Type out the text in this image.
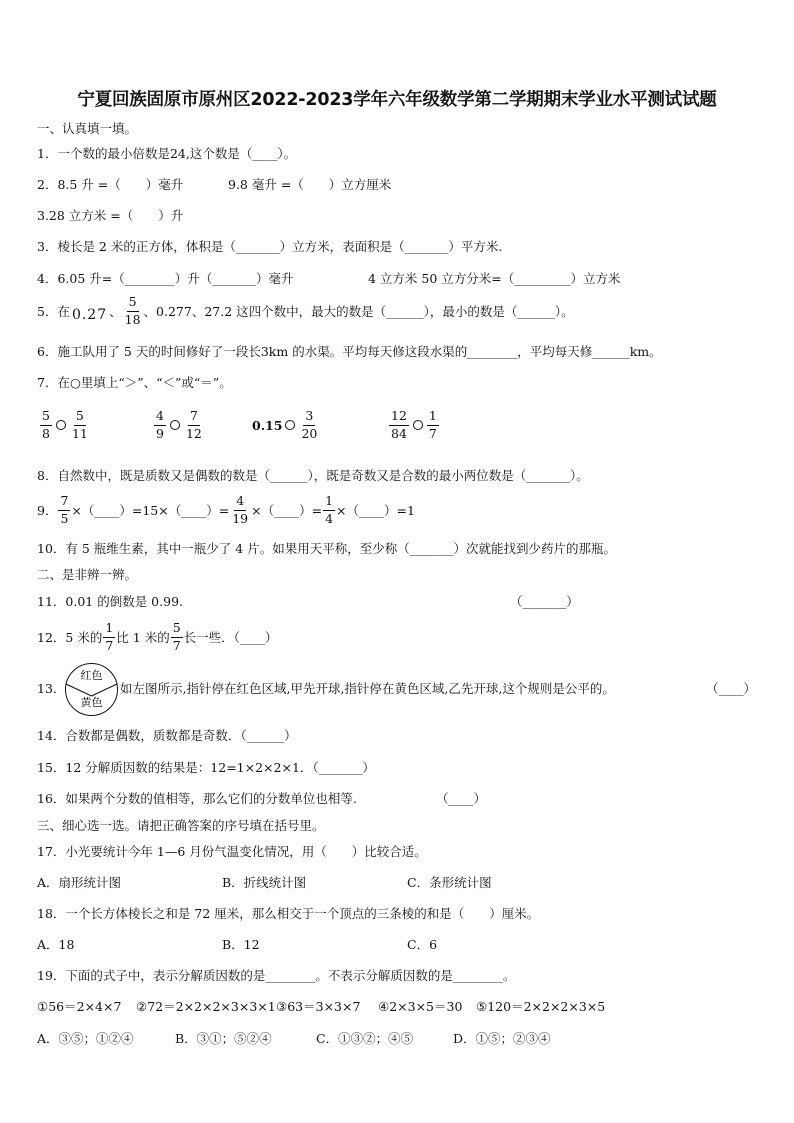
宁夏回族固原市原州区2022-2023学年六年级数学第二学期期末学业水平测试试题
一、认真填一填。
1．一个数的最小倍数是24,这个数是（____）。
2．8.5 升 =（　　）毫升	9.8 毫升 =（　　）立方厘米
3.28 立方米 =（　　）升
3．棱长是 2 米的正方体，体积是（_______）立方米，表面积是（_______）平方米.
4．6.05 升=（________）升（_______）毫升	4 立方米 50 立方分米=（_________）立方米
5．在 0.27 、 $\frac{5}{18}$ 、0.277、27.2 这四个数中，最大的数是（______），最小的数是（______）。
6．施工队用了 5 天的时间修好了一段长3km 的水渠。平均每天修这段水渠的________，平均每天修______km。
7．在○里填上“＞”、“＜”或“＝”。
$\frac{5}{8} \frac{5}{11}$	$\frac{4}{9} \frac{7}{12}$	$0.15 \frac{3}{20}$	$\frac{12}{84} \frac{1}{7}$
8．自然数中，既是质数又是偶数的数是（______），既是奇数又是合数的最小两位数是（_______）。
9． $\frac{7}{5}$ ×（____）=15×（____）= $\frac{4}{19}$ ×（____）= $\frac{1}{4}$ ×（____）=1
10．有 5 瓶维生素，其中一瓶少了 4 片。如果用天平称，至少称（_______）次就能找到少药片的那瓶。
二、是非辨一辨。
11．0.01 的倒数是 0.99.	（_______）
12．5 米的 $\frac{1}{7}$ 比 1 米的 $\frac{5}{7}$ 长一些．（____）
13．
红色
黄色
如左图所示,指针停在红色区域,甲先开球,指针停在黄色区域,乙先开球,这个规则是公平的。	（____）
14．合数都是偶数，质数都是奇数．（______）
15．12 分解质因数的结果是：12=1×2×2×1．（_______）
16．如果两个分数的值相等，那么它们的分数单位也相等.	（____）
三、细心选一选。请把正确答案的序号填在括号里。
17．小光要统计今年 1—6 月份气温变化情况，用（　　）比较合适。
A．扇形统计图	B．折线统计图	C．条形统计图
18．一个长方体棱长之和是 72 厘米，那么相交于一个顶点的三条棱的和是（　　）厘米。
A．18	B．12	C．6
19．下面的式子中，表示分解质因数的是________。不表示分解质因数的是________。
①56＝2×4×7 ②72＝2×2×2×3×3×1 ③63＝3×3×7 ④2×3×5＝30 ⑤120＝2×2×2×3×5
A．③⑤；①②④	B．③①；⑤②④	C．①③②；④⑤	D．①⑤；②③④
